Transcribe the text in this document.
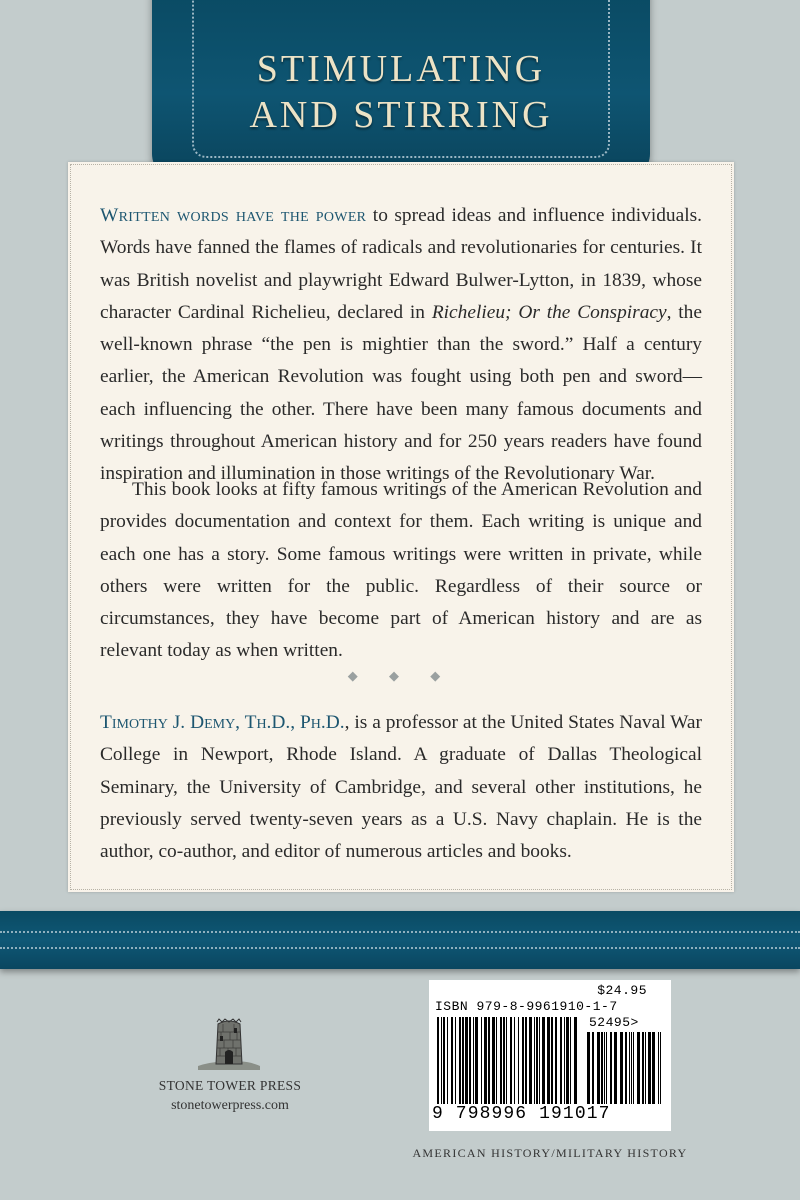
STIMULATING
AND STIRRING
Written words have the power to spread ideas and influence individuals. Words have fanned the flames of radicals and revolutionaries for centuries. It was British novelist and playwright Edward Bulwer-Lytton, in 1839, whose character Cardinal Richelieu, declared in Richelieu; Or the Conspiracy, the well-known phrase “the pen is mightier than the sword.” Half a century earlier, the American Revolution was fought using both pen and sword—each influencing the other. There have been many famous documents and writings throughout American history and for 250 years readers have found inspiration and illumination in those writings of the Revolutionary War.
This book looks at fifty famous writings of the American Revolution and provides documentation and context for them. Each writing is unique and each one has a story. Some famous writings were written in private, while others were written for the public. Regardless of their source or circumstances, they have become part of American history and are as relevant today as when written.
◆ ◆ ◆
Timothy J. Demy, Th.D., Ph.D., is a professor at the United States Naval War College in Newport, Rhode Island. A graduate of Dallas Theological Seminary, the University of Cambridge, and several other institutions, he previously served twenty-seven years as a U.S. Navy chaplain. He is the author, co-author, and editor of numerous articles and books.
STONE TOWER PRESS
stonetowerpress.com
$24.95
ISBN 979-8-9961910-1-7
52495>
9 798996 191017
AMERICAN HISTORY/MILITARY HISTORY
